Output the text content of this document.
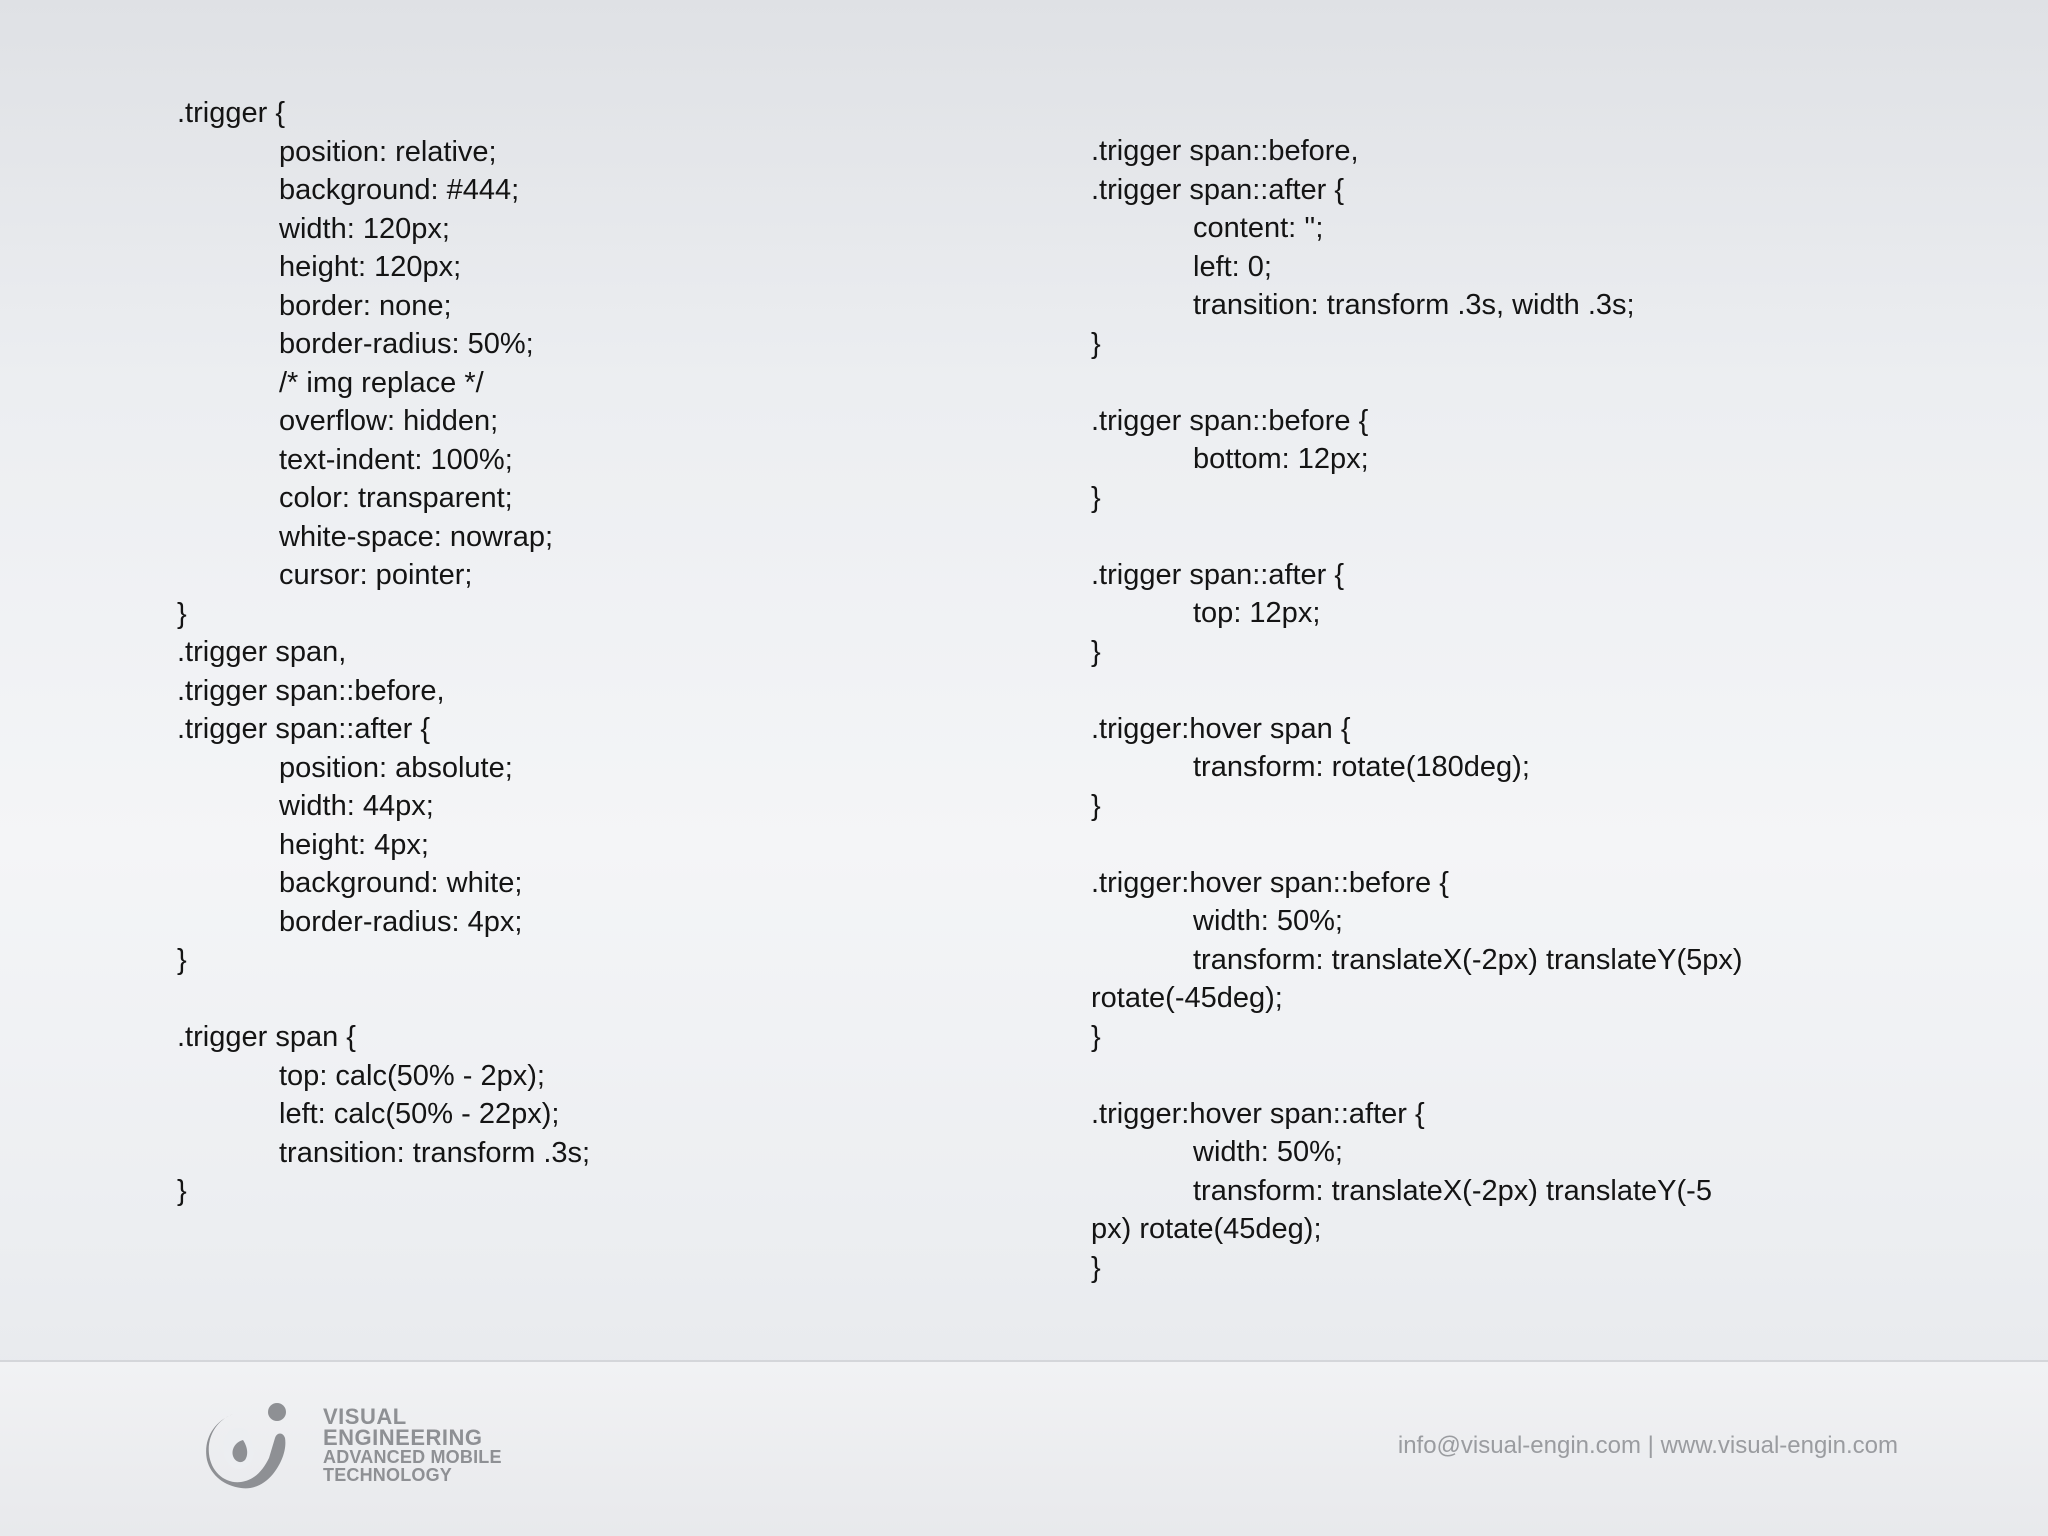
.trigger {
position: relative;
background: #444;
width: 120px;
height: 120px;
border: none;
border-radius: 50%;
/* img replace */
overflow: hidden;
text-indent: 100%;
color: transparent;
white-space: nowrap;
cursor: pointer;
}
.trigger span,
.trigger span::before,
.trigger span::after {
position: absolute;
width: 44px;
height: 4px;
background: white;
border-radius: 4px;
}
.trigger span {
top: calc(50% - 2px);
left: calc(50% - 22px);
transition: transform .3s;
}
.trigger span::before,
.trigger span::after {
content: '';
left: 0;
transition: transform .3s, width .3s;
}
.trigger span::before {
bottom: 12px;
}
.trigger span::after {
top: 12px;
}
.trigger:hover span {
transform: rotate(180deg);
}
.trigger:hover span::before {
width: 50%;
transform: translateX(-2px) translateY(5px)
rotate(-45deg);
}
.trigger:hover span::after {
width: 50%;
transform: translateX(-2px) translateY(-5
px) rotate(45deg);
}
VISUAL
ENGINEERING
ADVANCED MOBILE
TECHNOLOGY
info@visual-engin.com | www.visual-engin.com
